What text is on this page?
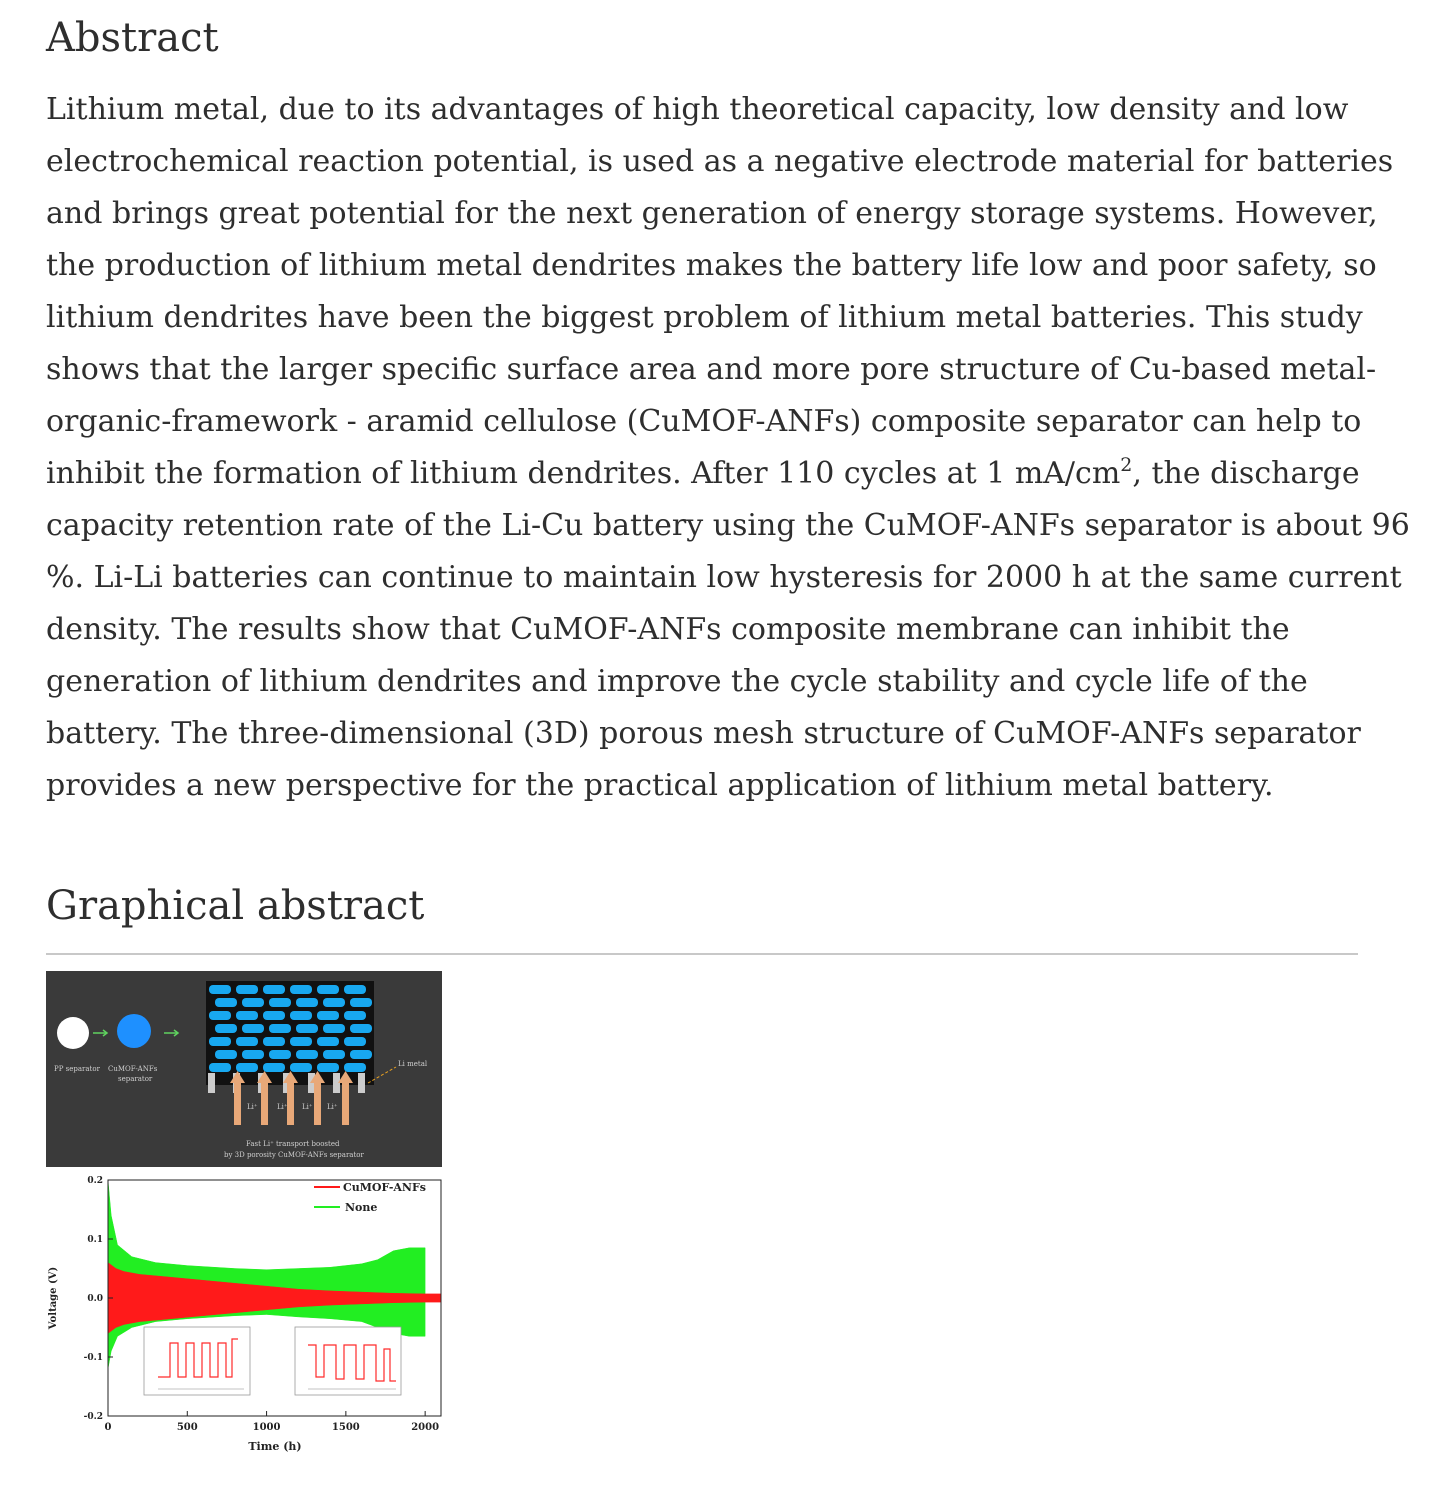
Abstract
Lithium metal, due to its advantages of high theoretical capacity, low density and low
electrochemical reaction potential, is used as a negative electrode material for batteries
and brings great potential for the next generation of energy storage systems. However,
the production of lithium metal dendrites makes the battery life low and poor safety, so
lithium dendrites have been the biggest problem of lithium metal batteries. This study
shows that the larger specific surface area and more pore structure of Cu-based metal-
organic-framework - aramid cellulose (CuMOF-ANFs) composite separator can help to
inhibit the formation of lithium dendrites. After 110 cycles at 1 $mA/cm^2$, the discharge
capacity retention rate of the Li-Cu battery using the CuMOF-ANFs separator is about 96
%. Li-Li batteries can continue to maintain low hysteresis for 2000 h at the same current
density. The results show that CuMOF-ANFs composite membrane can inhibit the
generation of lithium dendrites and improve the cycle stability and cycle life of the
battery. The three-dimensional (3D) porous mesh structure of CuMOF-ANFs separator
provides a new perspective for the practical application of lithium metal battery.
Graphical abstract
PP separator CuMOF-ANFs
separator
Li metal
Li⁺	Li⁺ Li⁺ Li⁺
Fast Li⁺ transport boosted
by 3D porosity CuMOF-ANFs separator
0.2
0.1
0.0
-0.1
-0.2
0	500	1000	1500	2000
CuMOF-ANFs
None
Time (h)
Voltage (V)
